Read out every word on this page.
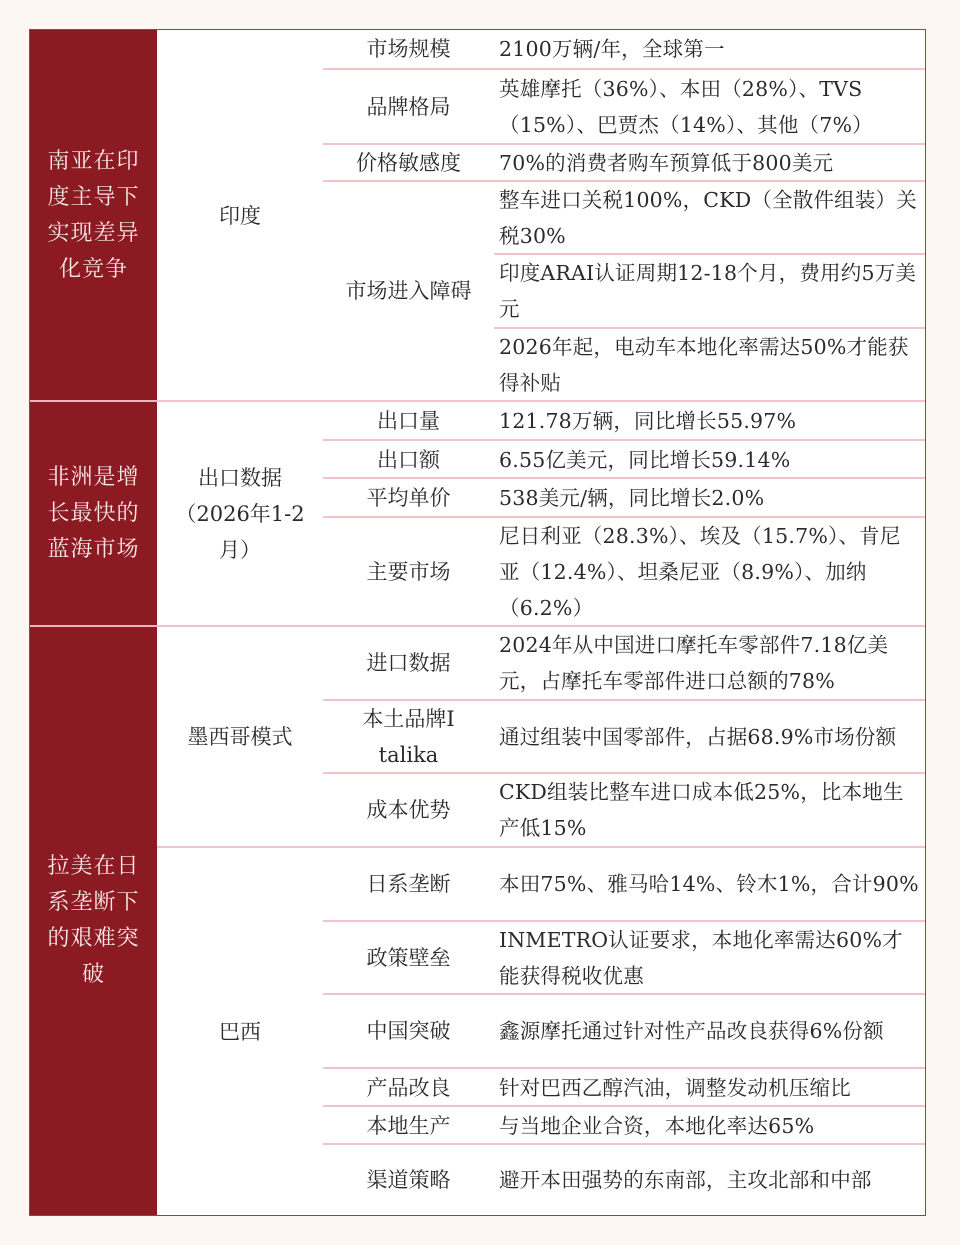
南亚在印度主导下实现差异化竞争
非洲是增长最快的蓝海市场
拉美在日系垄断下的艰难突破
印度
出口数据（2026年1-2月）
墨西哥模式
巴西
市场规模 2100万辆/年，全球第一
品牌格局
英雄摩托（36%）、本田（28%）、TVS（15%）、巴贾杰（14%）、其他（7%）
价格敏感度 70%的消费者购车预算低于800美元
市场进入障碍
整车进口关税100%，CKD（全散件组装）关税30%
印度ARAI认证周期12-18个月，费用约5万美元
2026年起，电动车本地化率需达50%才能获得补贴
出口量	121.78万辆，同比增长55.97%
出口额	6.55亿美元，同比增长59.14%
平均单价 538美元/辆，同比增长2.0%
主要市场
尼日利亚（28.3%）、埃及（15.7%）、肯尼亚（12.4%）、坦桑尼亚（8.9%）、加纳（6.2%）
进口数据
2024年从中国进口摩托车零部件7.18亿美元，占摩托车零部件进口总额的78%
本土品牌Italika
通过组装中国零部件，占据68.9%市场份额
成本优势
CKD组装比整车进口成本低25%，比本地生产低15%
日系垄断 本田75%、雅马哈14%、铃木1%，合计90%
政策壁垒
INMETRO认证要求，本地化率需达60%才能获得税收优惠
中国突破 鑫源摩托通过针对性产品改良获得6%份额
产品改良 针对巴西乙醇汽油，调整发动机压缩比
本地生产 与当地企业合资，本地化率达65%
渠道策略 避开本田强势的东南部，主攻北部和中部
